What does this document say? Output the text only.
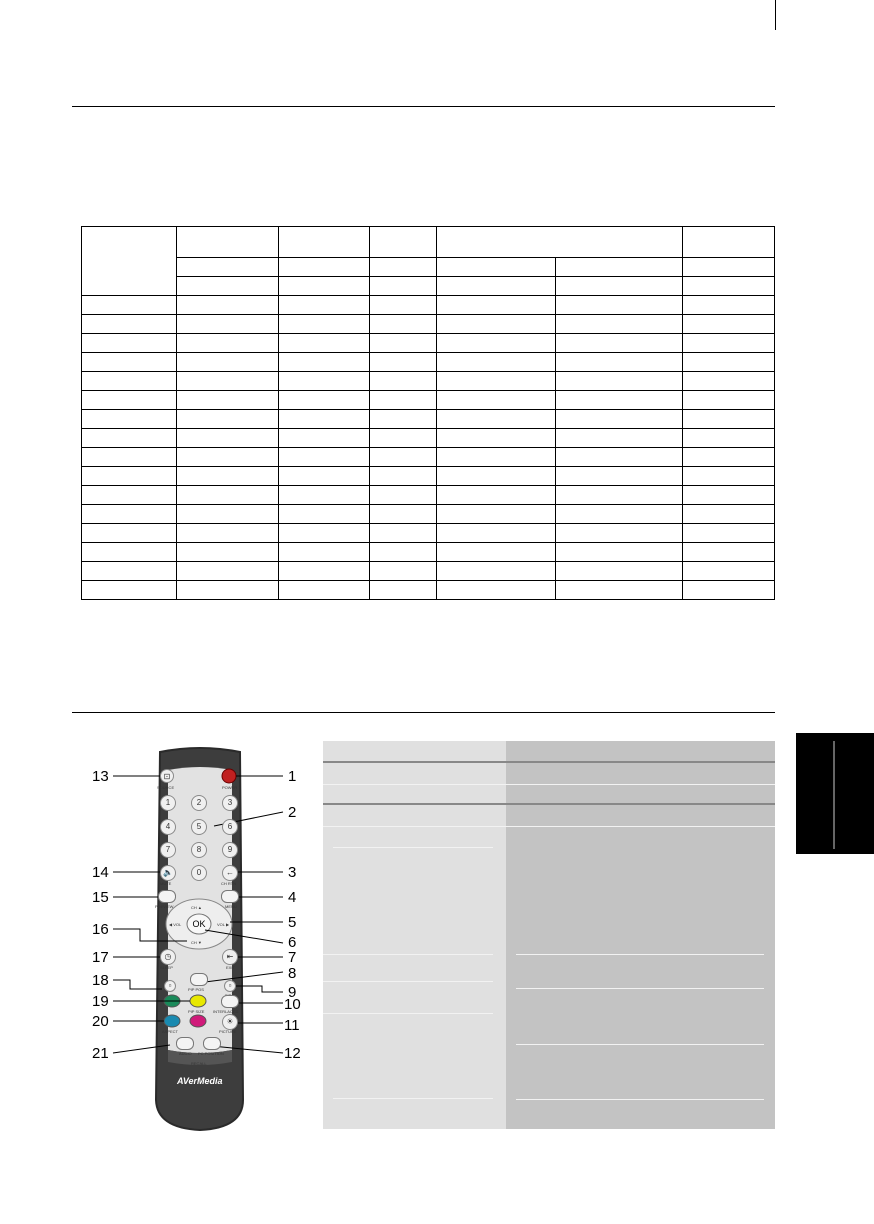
⊡
SOURCE	POWER
1	2	3
4	5	6
7	8	9
0
🔈
MUTE
←
CH RTN
PREVIEW	MENU
CH ▲
◀ VOL	VOL ▶
CH ▼
OK
◷
SLEEP
⇤
EXIT
PIP POS
▫	▫
PIP SIZE INTERLACED
☀
PICTURE
ASPECT
AUDIO PC POSITION
RECALL
AVerMedia
13
14
15
16
17
18
19
20
21
1
2
3
4
5
6
7
8
9
10
11
12
